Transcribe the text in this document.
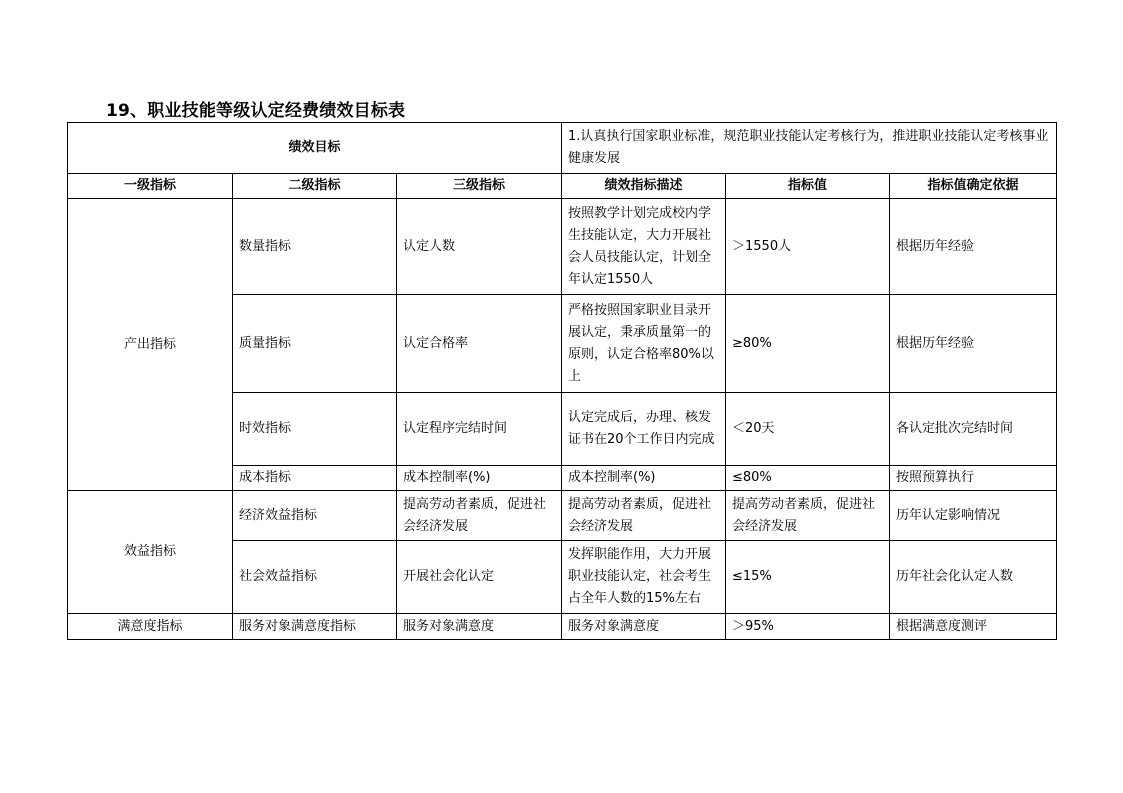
19、职业技能等级认定经费绩效目标表
绩效目标			1.认真执行国家职业标准，规范职业技能认定考核行为，推进职业技能认定考核事业健康发展		
一级指标	二级指标	三级指标	绩效指标描述	指标值	指标值确定依据
产出指标	数量指标	认定人数	按照教学计划完成校内学生技能认定，大力开展社会人员技能认定，计划全年认定1550人	＞1550人	根据历年经验
	质量指标	认定合格率	严格按照国家职业目录开展认定，秉承质量第一的原则，认定合格率80%以上	≥80%	根据历年经验
	时效指标	认定程序完结时间	认定完成后，办理、核发证书在20个工作日内完成	＜20天	各认定批次完结时间
	成本指标	成本控制率(%)	成本控制率(%)	≤80%	按照预算执行
效益指标	经济效益指标	提高劳动者素质，促进社会经济发展	提高劳动者素质，促进社会经济发展	提高劳动者素质，促进社会经济发展	历年认定影响情况
	社会效益指标	开展社会化认定	发挥职能作用，大力开展职业技能认定，社会考生占全年人数的15%左右	≤15%	历年社会化认定人数
满意度指标	服务对象满意度指标	服务对象满意度	服务对象满意度	＞95%	根据满意度测评
